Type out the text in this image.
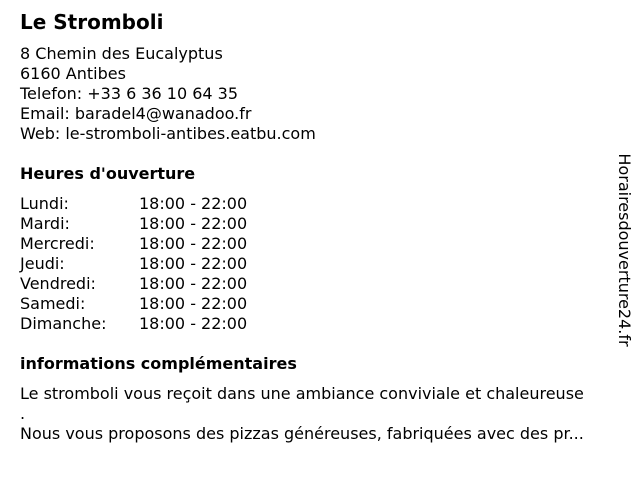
Le Stromboli
8 Chemin des Eucalyptus
6160 Antibes
Telefon: +33 6 36 10 64 35
Email: baradel4@wanadoo.fr
Web: le-stromboli-antibes.eatbu.com
Heures d'ouverture
Lundi:	18:00 - 22:00
Mardi:	18:00 - 22:00
Mercredi:	18:00 - 22:00
Jeudi:	18:00 - 22:00
Vendredi:	18:00 - 22:00
Samedi:	18:00 - 22:00
Dimanche: 18:00 - 22:00
informations complémentaires
Le stromboli vous reçoit dans une ambiance conviviale et chaleureuse
.
Nous vous proposons des pizzas généreuses, fabriquées avec des pr...
Horairesdouverture24.fr
